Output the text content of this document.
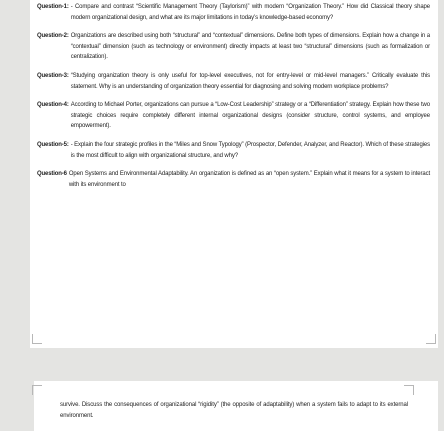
Question-1: - Compare and contrast “Scientific Management Theory (Taylorism)” with modern “Organization Theory.” How did Classical theory shape modern organizational design, and what are its major limitations in today’s knowledge-based economy?
Question-2: Organizations are described using both “structural” and “contextual” dimensions. Define both types of dimensions. Explain how a change in a “contextual” dimension (such as technology or environment) directly impacts at least two “structural” dimensions (such as formalization or centralization).
Question-3: “Studying organization theory is only useful for top-level executives, not for entry-level or mid-level managers.” Critically evaluate this statement. Why is an understanding of organization theory essential for diagnosing and solving modern workplace problems?
Question-4: According to Michael Porter, organizations can pursue a “Low-Cost Leadership” strategy or a “Differentiation” strategy. Explain how these two strategic choices require completely different internal organizational designs (consider structure, control systems, and employee empowerment).
Question-5: - Explain the four strategic profiles in the “Miles and Snow Typology” (Prospector, Defender, Analyzer, and Reactor). Which of these strategies is the most difficult to align with organizational structure, and why?
Question-6 Open Systems and Environmental Adaptability. An organization is defined as an “open system.” Explain what it means for a system to interact with its environment to
survive. Discuss the consequences of organizational “rigidity” (the opposite of adaptability) when a system fails to adapt to its external environment.
